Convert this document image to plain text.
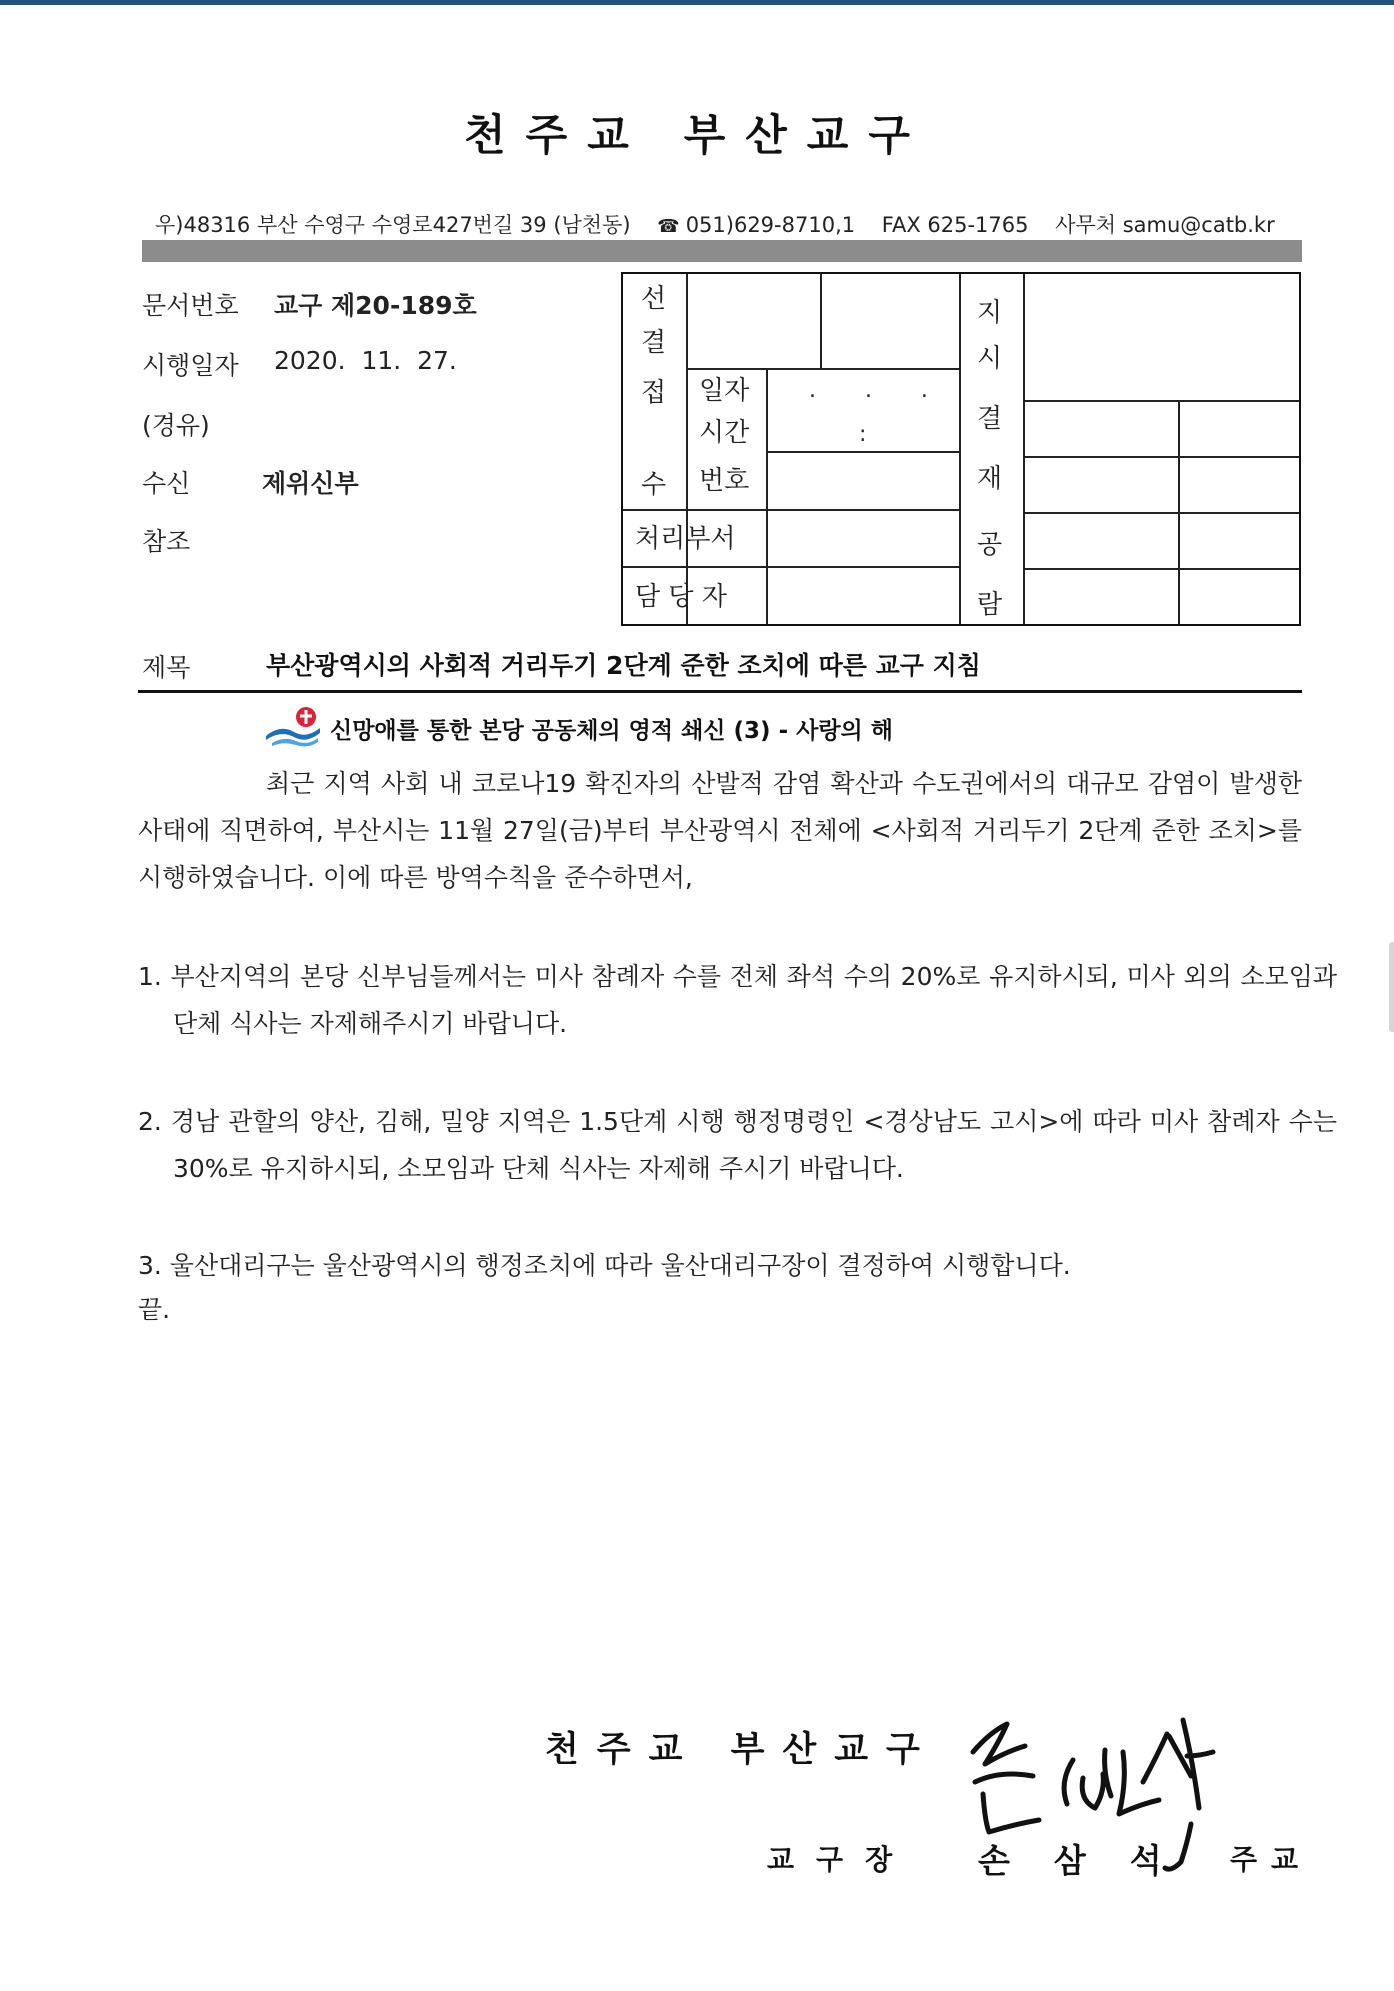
천주교 부산교구
우)48316 부산 수영구 수영로427번길 39 (남천동) ☎ 051)629-8710,1 FAX 625-1765 사무처 samu@catb.kr
문서번호 교구 제20-189호
시행일자 2020.  11.  27.
(경유)
수신	제위신부
참조
선
결
접
수
일자
시간
번호
.       .       .
:
처리부서
담 당 자
지
시
결
재
공
람
제목	부산광역시의 사회적 거리두기 2단계 준한 조치에 따른 교구 지침
신망애를 통한 본당 공동체의 영적 쇄신 (3) - 사랑의 해
최근 지역 사회 내 코로나19 확진자의 산발적 감염 확산과 수도권에서의 대규모 감염이 발생한 사태에 직면하여, 부산시는 11월 27일(금)부터 부산광역시 전체에 <사회적 거리두기 2단계 준한 조치>를 시행하였습니다. 이에 따른 방역수칙을 준수하면서,
1. 부산지역의 본당 신부님들께서는 미사 참례자 수를 전체 좌석 수의 20%로 유지하시되, 미사 외의 소모임과 단체 식사는 자제해주시기 바랍니다.
2. 경남 관할의 양산, 김해, 밀양 지역은 1.5단계 시행 행정명령인 <경상남도 고시>에 따라 미사 참례자 수는 30%로 유지하시되, 소모임과 단체 식사는 자제해 주시기 바랍니다.
3. 울산대리구는 울산광역시의 행정조치에 따라 울산대리구장이 결정하여 시행합니다.
끝.
천주교 부산교구
교구장 손삼석 주교
